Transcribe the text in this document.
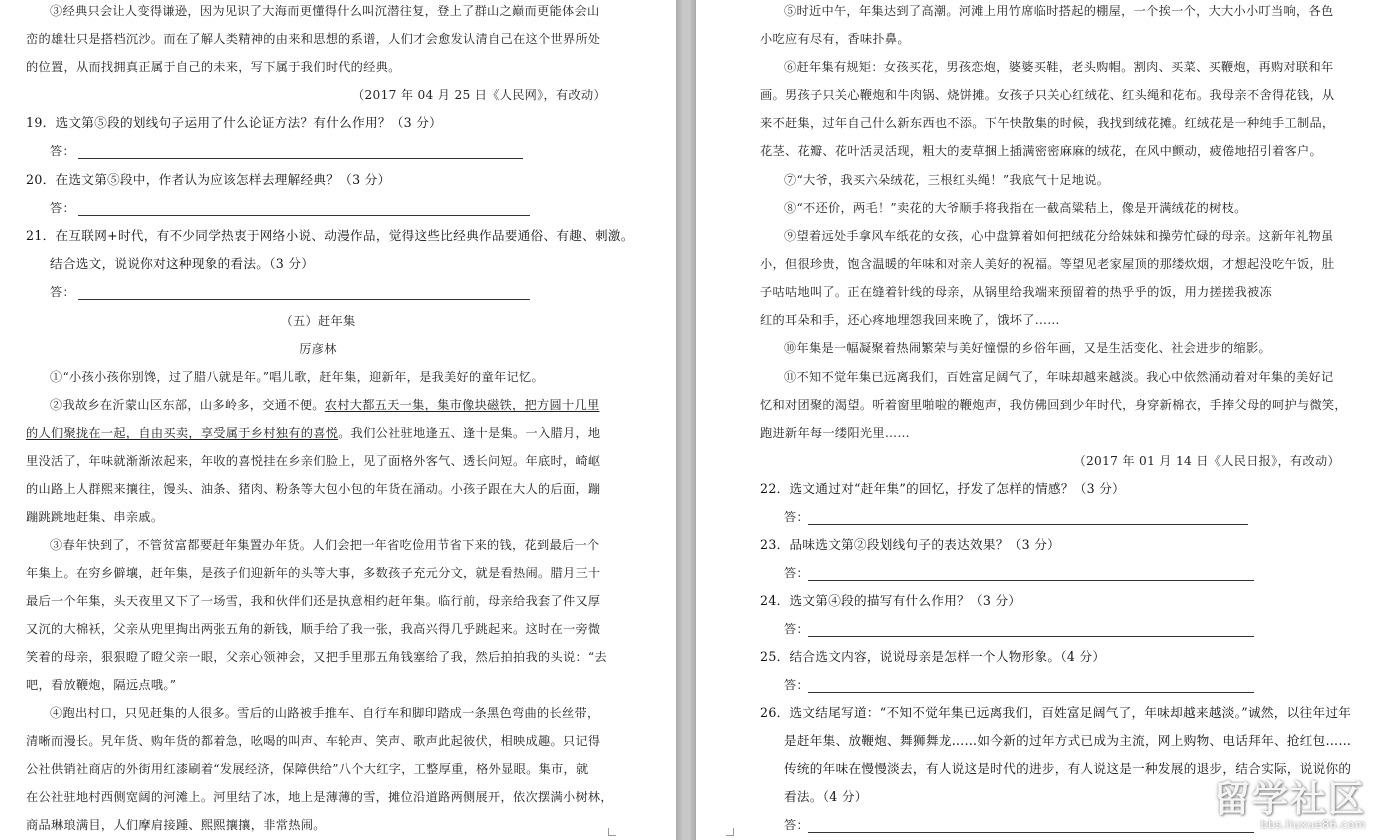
③经典只会让人变得谦逊，因为见识了大海而更懂得什么叫沉潜往复，登上了群山之巅而更能体会山

峦的雄壮只是搭档沉沙。而在了解人类精神的由来和思想的系谱，人们才会愈发认清自己在这个世界所处

的位置，从而找拥真正属于自己的未来，写下属于我们时代的经典。

（2017 年 04 月 25 日《人民网》，有改动）

19．选文第⑤段的划线句子运用了什么论证方法？有什么作用？（3 分）

答：

20．在选文第⑤段中，作者认为应该怎样去理解经典？（3 分）

答：

21．在互联网+时代，有不少同学热衷于网络小说、动漫作品，觉得这些比经典作品要通俗、有趣、刺激。

结合选文，说说你对这种现象的看法。（3 分）

答：

（五）赶年集

厉彦林

①“小孩小孩你别馋，过了腊八就是年。”唱儿歌，赶年集，迎新年，是我美好的童年记忆。

②我故乡在沂蒙山区东部，山多岭多，交通不便。农村大都五天一集，集市像块磁铁，把方圆十几里

的人们聚拢在一起，自由买卖，享受属于乡村独有的喜悦。我们公社驻地逢五、逢十是集。一入腊月，地

里没活了，年味就渐渐浓起来，年收的喜悦挂在乡亲们脸上，见了面格外客气、透长问短。年底时，崎岖

的山路上人群熙来攘往，馒头、油条、猪肉、粉条等大包小包的年货在涌动。小孩子跟在大人的后面，蹦

蹦跳跳地赶集、串亲戚。

③春年快到了，不管贫富都要赶年集置办年货。人们会把一年省吃俭用节省下来的钱，花到最后一个

年集上。在穷乡僻壤，赶年集，是孩子们迎新年的头等大事，多数孩子充元分文，就是看热闹。腊月三十

最后一个年集，头天夜里又下了一场雪，我和伙伴们还是执意相约赶年集。临行前，母亲给我套了件又厚

又沉的大棉袄，父亲从兜里掏出两张五角的新钱，顺手给了我一张，我高兴得几乎跳起来。这时在一旁微

笑着的母亲，狠狠瞪了瞪父亲一眼，父亲心领神会，又把手里那五角钱塞给了我，然后拍拍我的头说：“去

吧，看放鞭炮，隔远点哦。”

④跑出村口，只见赶集的人很多。雪后的山路被手推车、自行车和脚印踏成一条黑色弯曲的长丝带，

清晰而漫长。旯年货、购年货的都着急，吆喝的叫声、车轮声、笑声、歌声此起彼伏，相映成趣。只记得

公社供销社商店的外街用红漆刷着“发展经济，保障供给”八个大红字，工整厚重，格外显眼。集市，就

在公社驻地村西侧宽阔的河滩上。河里结了冰，地上是薄薄的雪，摊位沿道路两侧展开，依次摆满小树林，

商品琳琅满目，人们摩肩接踵、熙熙攘攘，非常热闹。

⑤时近中午，年集达到了高潮。河滩上用竹席临时搭起的棚屋，一个挨一个，大大小小叮当响，各色

小吃应有尽有，香味扑鼻。

⑥赶年集有规矩：女孩买花，男孩恋炮，婆婆买鞋，老头购帽。割肉、买菜、买鞭炮，再购对联和年

画。男孩子只关心鞭炮和牛肉锅、烧饼摊。女孩子只关心红绒花、红头绳和花布。我母亲不舍得花钱，从

来不赶集，过年自己什么新东西也不添。下午快散集的时候，我找到绒花摊。红绒花是一种纯手工制品，

花茎、花瓣、花叶活灵活现，粗大的麦草捆上插满密密麻麻的绒花，在风中颤动，疲倦地招引着客户。

⑦“大爷，我买六朵绒花，三根红头绳！”我底气十足地说。

⑧“不还价，两毛！”卖花的大爷顺手将我指在一截高粱秸上，像是开满绒花的树枝。

⑨望着远处手拿风车纸花的女孩，心中盘算着如何把绒花分给妹妹和操劳忙碌的母亲。这新年礼物虽

小，但很珍贵，饱含温暖的年味和对亲人美好的祝福。等望见老家屋顶的那缕炊烟，才想起没吃午饭，肚

子咕咕地叫了。正在缝着针线的母亲，从锅里给我端来预留着的热乎乎的饭，用力搓搓我被冻

红的耳朵和手，还心疼地埋怨我回来晚了，饿坏了……

⑩年集是一幅凝聚着热闹繁荣与美好憧憬的乡俗年画，又是生活变化、社会进步的缩影。

⑪不知不觉年集已远离我们，百姓富足阔气了，年味却越来越淡。我心中依然涌动着对年集的美好记

忆和对团聚的渴望。听着窗里啪啦的鞭炮声，我仿佛回到少年时代，身穿新棉衣，手捧父母的呵护与微笑，

跑进新年每一缕阳光里……

（2017 年 01 月 14 日《人民日报》，有改动）

22．选文通过对“赶年集”的回忆，抒发了怎样的情感？（3 分）

答：

23．品味选文第②段划线句子的表达效果？（3 分）

答：

24．选文第④段的描写有什么作用？（3 分）

答：

25．结合选文内容，说说母亲是怎样一个人物形象。（4 分）

答：

26．选文结尾写道：“不知不觉年集已远离我们，百姓富足阔气了，年味却越来越淡。”诚然，以往年过年

是赶年集、放鞭炮、舞狮舞龙……如今新的过年方式已成为主流，网上购物、电话拜年、抢红包……

传统的年味在慢慢淡去，有人说这是时代的进步，有人说这是一种发展的退步，结合实际，说说你的

看法。（4 分）

答：

留学社区
bbs.liuxue86.com
